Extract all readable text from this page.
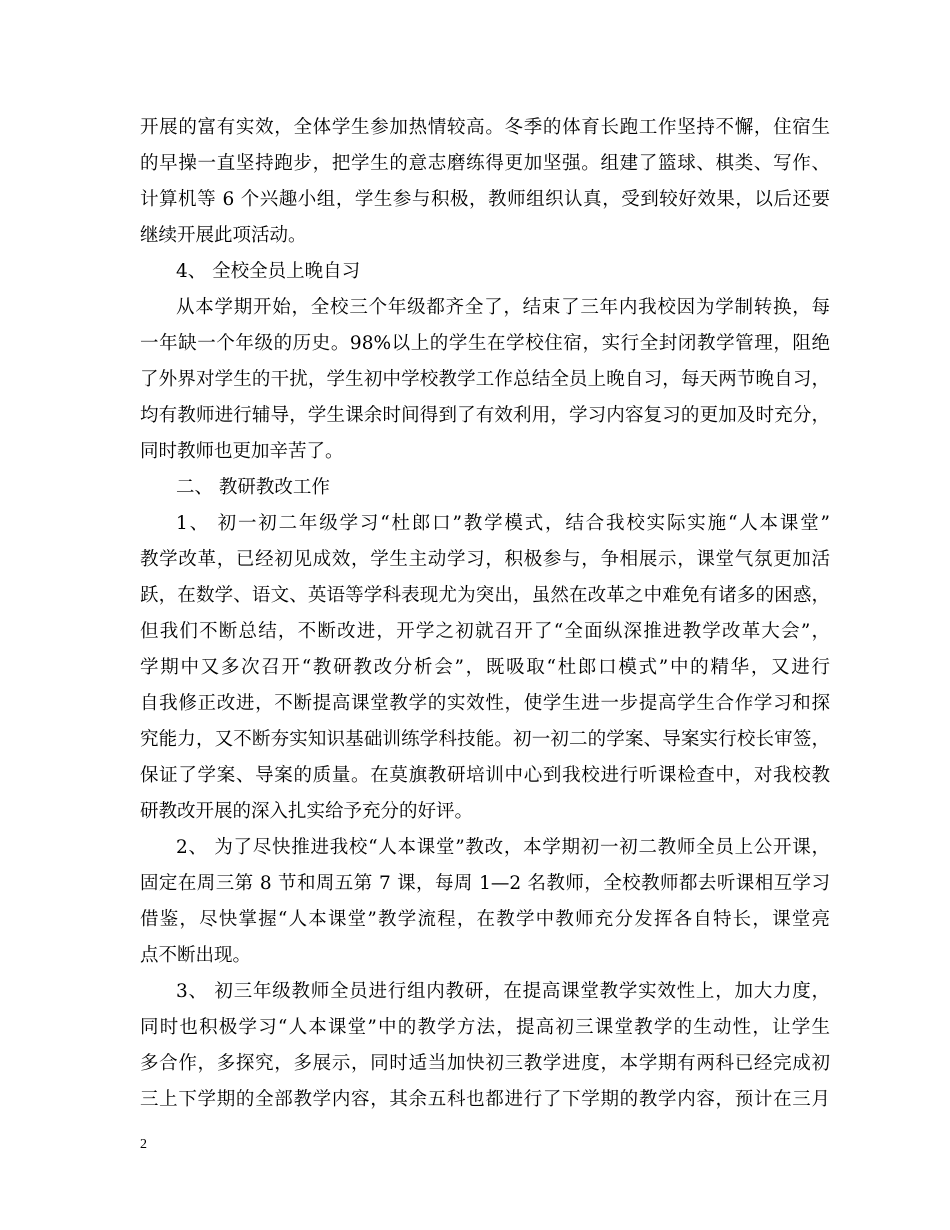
开展的富有实效，全体学生参加热情较高。冬季的体育长跑工作坚持不懈，住宿生
的早操一直坚持跑步，把学生的意志磨练得更加坚强。组建了篮球、棋类、写作、
计算机等 6 个兴趣小组，学生参与积极，教师组织认真，受到较好效果，以后还要
继续开展此项活动。
4、 全校全员上晚自习
从本学期开始，全校三个年级都齐全了，结束了三年内我校因为学制转换，每
一年缺一个年级的历史。98%以上的学生在学校住宿，实行全封闭教学管理，阻绝
了外界对学生的干扰，学生初中学校教学工作总结全员上晚自习，每天两节晚自习，
均有教师进行辅导，学生课余时间得到了有效利用，学习内容复习的更加及时充分，
同时教师也更加辛苦了。
二、 教研教改工作
1、 初一初二年级学习“杜郎口”教学模式，结合我校实际实施“人本课堂”
教学改革，已经初见成效，学生主动学习，积极参与，争相展示，课堂气氛更加活
跃，在数学、语文、英语等学科表现尤为突出，虽然在改革之中难免有诸多的困惑，
但我们不断总结，不断改进，开学之初就召开了“全面纵深推进教学改革大会”，
学期中又多次召开“教研教改分析会”，既吸取“杜郎口模式”中的精华，又进行
自我修正改进，不断提高课堂教学的实效性，使学生进一步提高学生合作学习和探
究能力，又不断夯实知识基础训练学科技能。初一初二的学案、导案实行校长审签，
保证了学案、导案的质量。在莫旗教研培训中心到我校进行听课检查中，对我校教
研教改开展的深入扎实给予充分的好评。
2、 为了尽快推进我校“人本课堂”教改，本学期初一初二教师全员上公开课，
固定在周三第 8 节和周五第 7 课，每周 1—2 名教师，全校教师都去听课相互学习
借鉴，尽快掌握“人本课堂”教学流程，在教学中教师充分发挥各自特长，课堂亮
点不断出现。
3、 初三年级教师全员进行组内教研，在提高课堂教学实效性上，加大力度，
同时也积极学习“人本课堂”中的教学方法，提高初三课堂教学的生动性，让学生
多合作，多探究，多展示，同时适当加快初三教学进度，本学期有两科已经完成初
三上下学期的全部教学内容，其余五科也都进行了下学期的教学内容，预计在三月
2
